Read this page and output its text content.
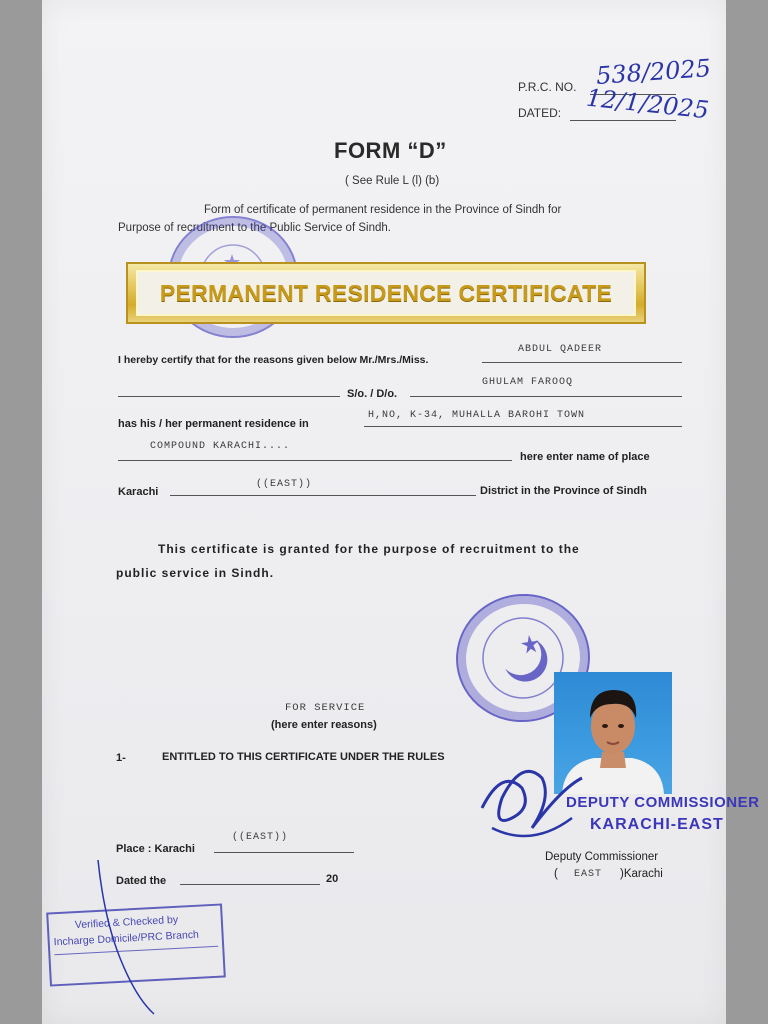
P.R.C. NO. 538/2025
DATED: 12/1/2025
FORM “D”
( See Rule L (l) (b)
Form of certificate of permanent residence in the Province of Sindh for
Purpose of recruitment to the Public Service of Sindh.
PERMANENT RESIDENCE CERTIFICATE
I hereby certify that for the reasons given below Mr./Mrs./Miss.
ABDUL QADEER
S/o. / D/o.
GHULAM FAROOQ
has his / her permanent residence in
H,NO, K-34, MUHALLA BAROHI TOWN
COMPOUND KARACHI....
here enter name of place
Karachi
((EAST))
District in the Province of Sindh
This certificate is granted for the purpose of recruitment to the
public service in Sindh.
FOR SERVICE
(here enter reasons)
1-	ENTITLED TO THIS CERTIFICATE UNDER THE RULES
DEPUTY COMMISSIONER
KARACHI-EAST
Deputy Commissioner
( EAST )Karachi
Place : Karachi
((EAST))
Dated the	20
Verified & Checked by
Incharge Domicile/PRC Branch
